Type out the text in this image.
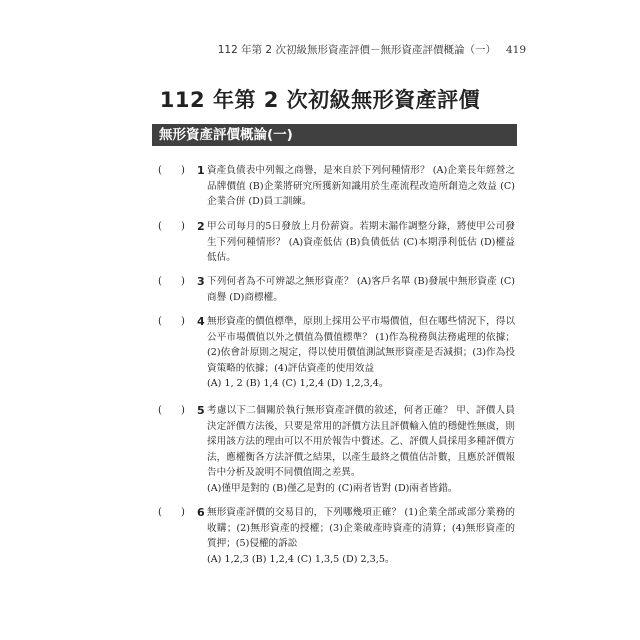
112 年第 2 次初級無形資產評價－無形資產評價概論（一） 419
112 年第 2 次初級無形資產評價
無形資產評價概論(一)
( ) 1 資產負債表中列報之商譽，是來自於下列何種情形？ (A)企業長年經營之品牌價值 (B)企業將研究所獲新知識用於生產流程改造所創造之效益 (C)企業合併 (D)員工訓練。
( ) 2 甲公司每月的5日發放上月份薪資。若期末漏作調整分錄，將使甲公司發生下列何種情形？ (A)資產低估 (B)負債低估 (C)本期淨利低估 (D)權益低估。
( ) 3 下列何者為不可辨認之無形資產？ (A)客戶名單 (B)發展中無形資產 (C)商譽 (D)商標權。
( ) 4 無形資產的價值標準，原則上採用公平市場價值，但在哪些情況下，得以公平市場價值以外之價值為價值標準？ (1)作為稅務與法務處理的依據；(2)依會計原則之規定，得以使用價值測試無形資產是否減損；(3)作為投資策略的依據；(4)評估資產的使用效益
(A) 1, 2 (B) 1,4 (C) 1,2,4 (D) 1,2,3,4。
( ) 5 考慮以下二個關於執行無形資產評價的敘述，何者正確？ 甲、評價人員決定評價方法後，只要是常用的評價方法且評價輸入值的穩健性無虞，則採用該方法的理由可以不用於報告中贅述。乙、評價人員採用多種評價方法，應權衡各方法評價之結果，以產生最終之價值估計數，且應於評價報告中分析及說明不同價值間之差異。
(A)僅甲是對的 (B)僅乙是對的 (C)兩者皆對 (D)兩者皆錯。
( ) 6 無形資產評價的交易目的，下列哪幾項正確？ (1)企業全部或部分業務的收購；(2)無形資產的授權；(3)企業破產時資產的清算；(4)無形資產的質押；(5)侵權的訴訟
(A) 1,2,3 (B) 1,2,4 (C) 1,3,5 (D) 2,3,5。
